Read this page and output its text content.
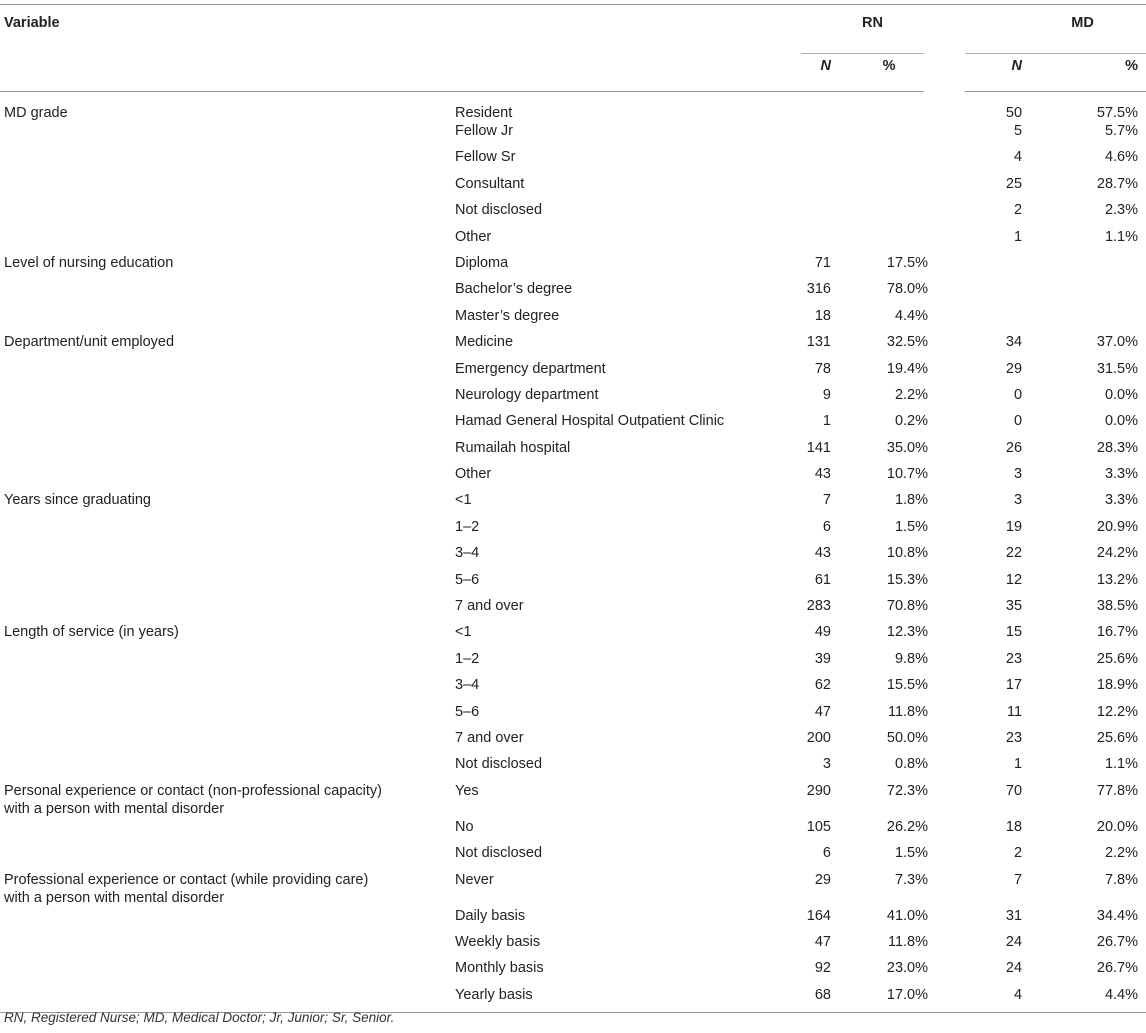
Variable		RN		MD	

		N	%	N	%
MD grade	Resident			50	57.5%
	Fellow Jr			5	5.7%
	Fellow Sr			4	4.6%
	Consultant			25	28.7%
	Not disclosed			2	2.3%
	Other			1	1.1%
Level of nursing education	Diploma	71	17.5%		
	Bachelor’s degree	316	78.0%		
	Master’s degree	18	4.4%		
Department/unit employed	Medicine	131	32.5%	34	37.0%
	Emergency department	78	19.4%	29	31.5%
	Neurology department	9	2.2%	0	0.0%
	Hamad General Hospital Outpatient Clinic	1	0.2%	0	0.0%
	Rumailah hospital	141	35.0%	26	28.3%
	Other	43	10.7%	3	3.3%
Years since graduating	<1	7	1.8%	3	3.3%
	1–2	6	1.5%	19	20.9%
	3–4	43	10.8%	22	24.2%
	5–6	61	15.3%	12	13.2%
	7 and over	283	70.8%	35	38.5%
Length of service (in years)	<1	49	12.3%	15	16.7%
	1–2	39	9.8%	23	25.6%
	3–4	62	15.5%	17	18.9%
	5–6	47	11.8%	11	12.2%
	7 and over	200	50.0%	23	25.6%
	Not disclosed	3	0.8%	1	1.1%
Personal experience or contact (non-professional capacity) with a person with mental disorder	Yes	290	72.3%	70	77.8%
	No	105	26.2%	18	20.0%
	Not disclosed	6	1.5%	2	2.2%
Professional experience or contact (while providing care) with a person with mental disorder	Never	29	7.3%	7	7.8%
	Daily basis	164	41.0%	31	34.4%
	Weekly basis	47	11.8%	24	26.7%
	Monthly basis	92	23.0%	24	26.7%
	Yearly basis	68	17.0%	4	4.4%
RN, Registered Nurse; MD, Medical Doctor; Jr, Junior; Sr, Senior.
